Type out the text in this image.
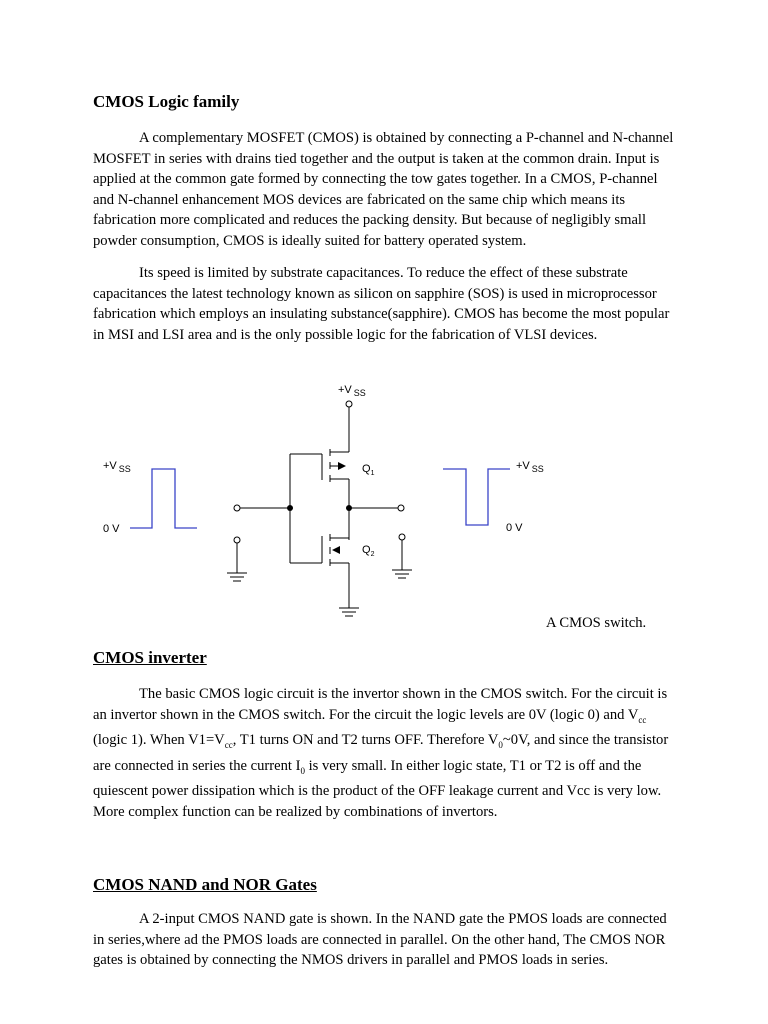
CMOS Logic family

A complementary MOSFET (CMOS) is obtained by connecting a P-channel and N-channel MOSFET in series with drains tied together and the output is taken at the common drain. Input is applied at the common gate formed by connecting the tow gates together. In a CMOS, P-channel and N-channel enhancement MOS devices are fabricated on the same chip which means its fabrication more complicated and reduces the packing density. But because of negligibly small powder consumption, CMOS is ideally suited for battery operated system.

Its speed is limited by substrate capacitances. To reduce the effect of these substrate capacitances the latest technology known as silicon on sapphire (SOS) is used in microprocessor fabrication which employs an insulating substance(sapphire). CMOS has become the most popular in MSI and LSI area and is the only possible logic for the fabrication of VLSI devices.

+V $_{SS}$
$Q_1$
$Q_2$
+V $_{SS}$
0 V
+V $_{SS}$
0 V
A CMOS switch.
CMOS inverter

The basic CMOS logic circuit is the invertor shown in the CMOS switch. For the circuit is an invertor shown in the CMOS switch. For the circuit the logic levels are 0V (logic 0) and $V_{cc}$ (logic 1). When $V1=V_{cc}$, T1 turns ON and T2 turns OFF. Therefore $V_0\sim 0V$, and since the transistor are connected in series the current $I_0$ is very small. In either logic state, T1 or T2 is off and the quiescent power dissipation which is the product of the OFF leakage current and Vcc is very low. More complex function can be realized by combinations of invertors.

CMOS NAND and NOR Gates

A 2-input CMOS NAND gate is shown. In the NAND gate the PMOS loads are connected in series,where ad the PMOS loads are connected in parallel. On the other hand, The CMOS NOR gates is obtained by connecting the NMOS drivers in parallel and PMOS loads in series.
